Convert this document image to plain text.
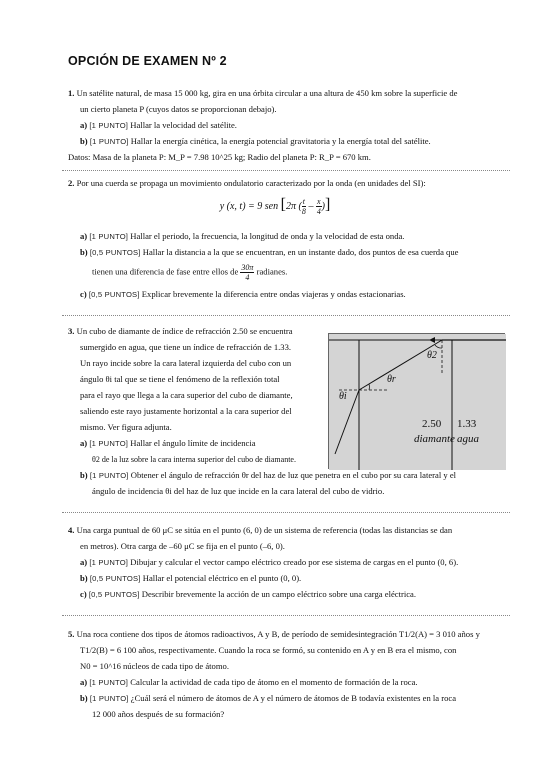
OPCIÓN DE EXAMEN Nº 2
1. Un satélite natural, de masa 15 000 kg, gira en una órbita circular a una altura de 450 km sobre la superficie de
un cierto planeta P (cuyos datos se proporcionan debajo).
a) [1 PUNTO] Hallar la velocidad del satélite.
b) [1 PUNTO] Hallar la energía cinética, la energía potencial gravitatoria y la energía total del satélite.
Datos: Masa de la planeta P: M_P = 7.98 10^25 kg; Radio del planeta P: R_P = 670 km.
2. Por una cuerda se propaga un movimiento ondulatorio caracterizado por la onda (en unidades del SI):
y (x, t) = 9 sen [2π ( $\frac{t}{8} - \frac{x}{4}$ )]
a) [1 PUNTO] Hallar el periodo, la frecuencia, la longitud de onda y la velocidad de esta onda.
b) [0,5 PUNTOS] Hallar la distancia a la que se encuentran, en un instante dado, dos puntos de esa cuerda que
tienen una diferencia de fase entre ellos de $\frac{30\pi}{4}$ radianes.
c) [0,5 PUNTOS] Explicar brevemente la diferencia entre ondas viajeras y ondas estacionarias.
3. Un cubo de diamante de índice de refracción 2.50 se encuentra
sumergido en agua, que tiene un índice de refracción de 1.33.
Un rayo incide sobre la cara lateral izquierda del cubo con un
ángulo θi tal que se tiene el fenómeno de la reflexión total
para el rayo que llega a la cara superior del cubo de diamante,
saliendo este rayo justamente horizontal a la cara superior del
mismo. Ver figura adjunta.
a) [1 PUNTO] Hallar el ángulo límite de incidencia
θ2 de la luz sobre la cara interna superior del cubo de diamante.
b) [1 PUNTO] Obtener el ángulo de refracción θr del haz de luz que penetra en el cubo por su cara lateral y el
ángulo de incidencia θi del haz de luz que incide en la cara lateral del cubo de vidrio.
θ2
θr
θi
2.50 1.33
diamante agua
4. Una carga puntual de 60 μC se sitúa en el punto (6, 0) de un sistema de referencia (todas las distancias se dan
en metros). Otra carga de –60 μC se fija en el punto (–6, 0).
a) [1 PUNTO] Dibujar y calcular el vector campo eléctrico creado por ese sistema de cargas en el punto (0, 6).
b) [0,5 PUNTOS] Hallar el potencial eléctrico en el punto (0, 0).
c) [0,5 PUNTOS] Describir brevemente la acción de un campo eléctrico sobre una carga eléctrica.
5. Una roca contiene dos tipos de átomos radioactivos, A y B, de período de semidesintegración T1/2(A) = 3 010 años y
T1/2(B) = 6 100 años, respectivamente. Cuando la roca se formó, su contenido en A y en B era el mismo, con
N0 = 10^16 núcleos de cada tipo de átomo.
a) [1 PUNTO] Calcular la actividad de cada tipo de átomo en el momento de formación de la roca.
b) [1 PUNTO] ¿Cuál será el número de átomos de A y el número de átomos de B todavía existentes en la roca
12 000 años después de su formación?
